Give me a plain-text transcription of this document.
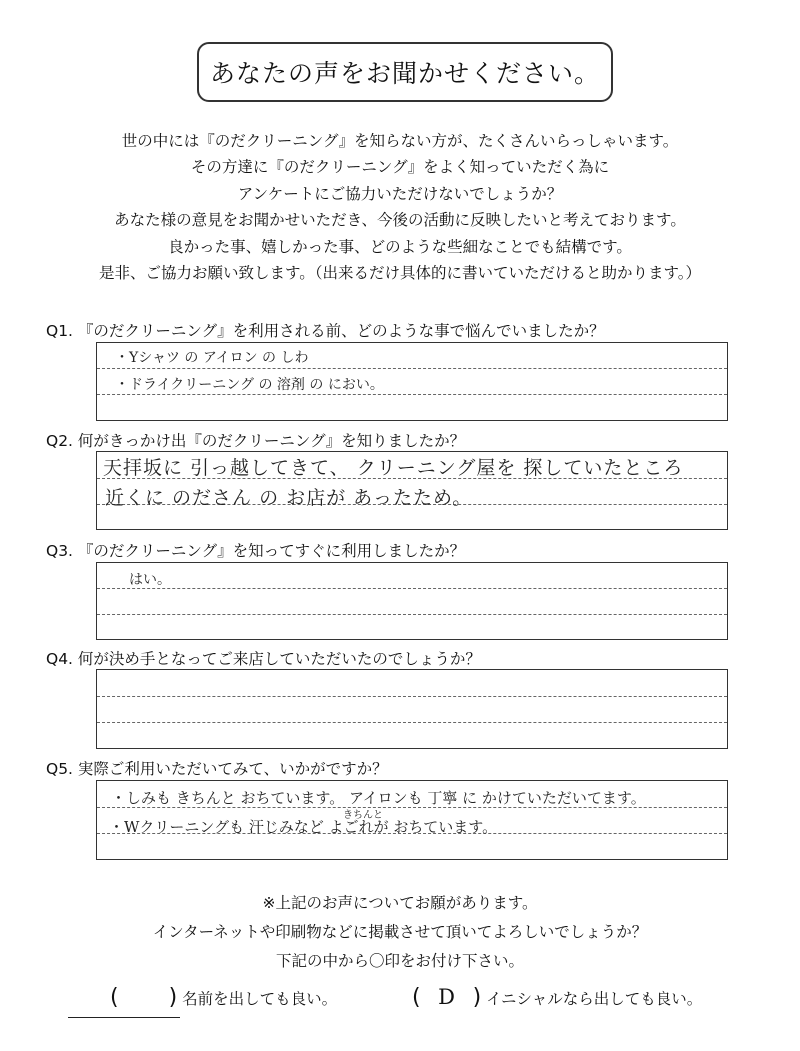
あなたの声をお聞かせください。
世の中には『のだクリーニング』を知らない方が、たくさんいらっしゃいます。
その方達に『のだクリーニング』をよく知っていただく為に
アンケートにご協力いただけないでしょうか？
あなた様の意見をお聞かせいただき、今後の活動に反映したいと考えております。
良かった事、嬉しかった事、どのような些細なことでも結構です。
是非、ご協力お願い致します。（出来るだけ具体的に書いていただけると助かります。）
Q1. 『のだクリーニング』を利用される前、どのような事で悩んでいましたか？
・Yシャツ の アイロン の しわ
・ドライクリーニング の 溶剤 の におい。
Q2. 何がきっかけ出『のだクリーニング』を知りましたか？
天拝坂に 引っ越してきて、 クリーニング屋を 探していたところ
近くに のださん の お店が あったため。
Q3. 『のだクリーニング』を知ってすぐに利用しましたか？
はい。
Q4. 何が決め手となってご来店していただいたのでしょうか？
Q5. 実際ご利用いただいてみて、いかがですか？
・しみも きちんと おちています。 アイロンも 丁寧 に かけていただいてます。
・Wクリーニングも 汗じみなど よごれが おちています。
きちんと
※上記のお声についてお願があります。
インターネットや印刷物などに掲載させて頂いてよろしいでしょうか？
下記の中から〇印をお付け下さい。
( ) 名前を出しても良い。	( D ) イニシャルなら出しても良い。
